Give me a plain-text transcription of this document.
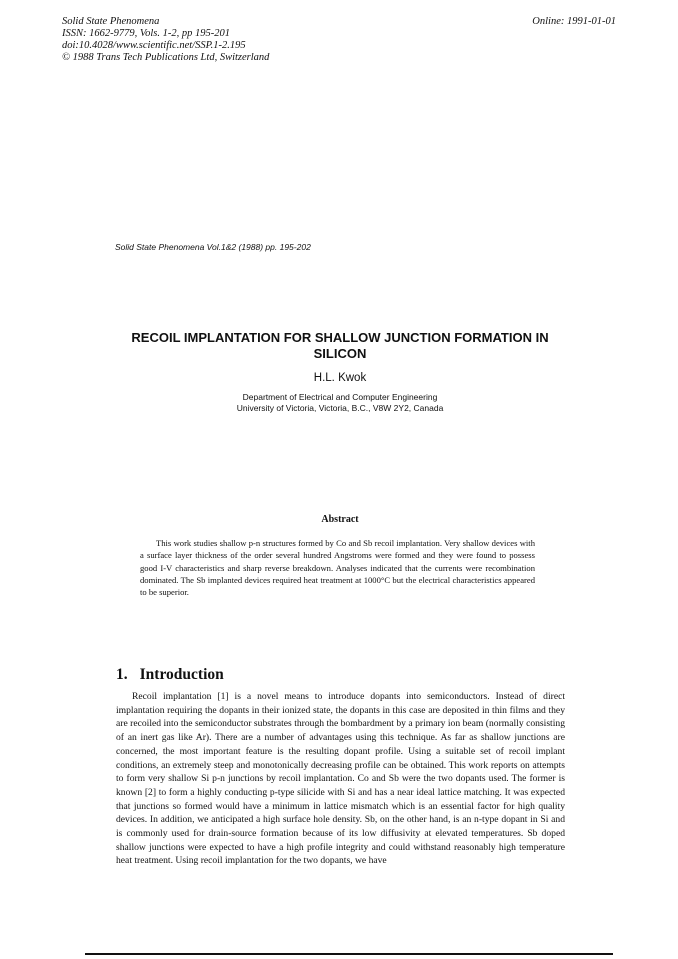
Solid State Phenomena
ISSN: 1662-9779, Vols. 1-2, pp 195-201
doi:10.4028/www.scientific.net/SSP.1-2.195
© 1988 Trans Tech Publications Ltd, Switzerland
Online: 1991-01-01
Solid State Phenomena Vol.1&2 (1988) pp. 195-202
RECOIL IMPLANTATION FOR SHALLOW JUNCTION FORMATION IN
SILICON

H.L. Kwok

Department of Electrical and Computer Engineering
University of Victoria, Victoria, B.C., V8W 2Y2, Canada
Abstract

This work studies shallow p-n structures formed by Co and Sb recoil implantation. Very shallow devices with a surface layer thickness of the order several hundred Angstroms were formed and they were found to possess good I-V characteristics and sharp reverse breakdown. Analyses indicated that the currents were recombination dominated. The Sb implanted devices required heat treatment at 1000°C but the electrical characteristics appeared to be superior.

1. Introduction

Recoil implantation [1] is a novel means to introduce dopants into semiconductors. Instead of direct implantation requiring the dopants in their ionized state, the dopants in this case are deposited in thin films and they are recoiled into the semiconductor substrates through the bombardment by a primary ion beam (normally consisting of an inert gas like Ar). There are a number of advantages using this technique. As far as shallow junctions are concerned, the most important feature is the resulting dopant profile. Using a suitable set of recoil implant conditions, an extremely steep and monotonically decreasing profile can be obtained. This work reports on attempts to form very shallow Si p-n junctions by recoil implantation. Co and Sb were the two dopants used. The former is known [2] to form a highly conducting p-type silicide with Si and has a near ideal lattice matching. It was expected that junctions so formed would have a minimum in lattice mismatch which is an essential factor for high quality devices. In addition, we anticipated a high surface hole density. Sb, on the other hand, is an n-type dopant in Si and is commonly used for drain-source formation because of its low diffusivity at elevated temperatures. Sb doped shallow junctions were expected to have a high profile integrity and could withstand reasonably high temperature heat treatment. Using recoil implantation for the two dopants, we have
